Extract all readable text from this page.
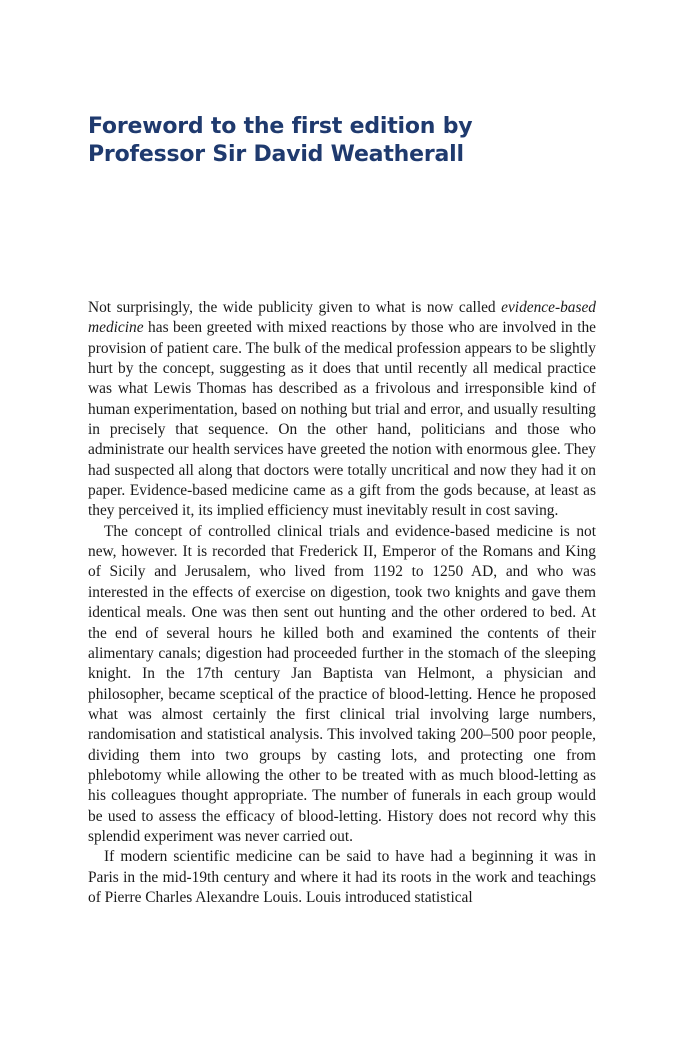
Foreword to the first edition by
Professor Sir David Weatherall

Not surprisingly, the wide publicity given to what is now called evidence-based medicine has been greeted with mixed reactions by those who are involved in the provision of patient care. The bulk of the medical profession appears to be slightly hurt by the concept, suggesting as it does that until recently all medical practice was what Lewis Thomas has described as a frivolous and irresponsible kind of human experimentation, based on nothing but trial and error, and usually resulting in precisely that sequence. On the other hand, politicians and those who administrate our health services have greeted the notion with enormous glee. They had suspected all along that doctors were totally uncritical and now they had it on paper. Evidence-based medicine came as a gift from the gods because, at least as they perceived it, its implied efficiency must inevitably result in cost saving.

The concept of controlled clinical trials and evidence-based medicine is not new, however. It is recorded that Frederick II, Emperor of the Romans and King of Sicily and Jerusalem, who lived from 1192 to 1250 AD, and who was interested in the effects of exercise on digestion, took two knights and gave them identical meals. One was then sent out hunting and the other ordered to bed. At the end of several hours he killed both and examined the contents of their alimentary canals; digestion had proceeded further in the stomach of the sleeping knight. In the 17th century Jan Baptista van Helmont, a physician and philosopher, became sceptical of the practice of blood-letting. Hence he proposed what was almost certainly the first clinical trial involving large numbers, randomisation and statistical analysis. This involved taking 200–500 poor people, dividing them into two groups by casting lots, and protecting one from phlebotomy while allowing the other to be treated with as much blood-letting as his colleagues thought appropriate. The number of funerals in each group would be used to assess the efficacy of blood-letting. History does not record why this splendid experiment was never carried out.

If modern scientific medicine can be said to have had a beginning it was in Paris in the mid-19th century and where it had its roots in the work and teachings of Pierre Charles Alexandre Louis. Louis introduced statistical
